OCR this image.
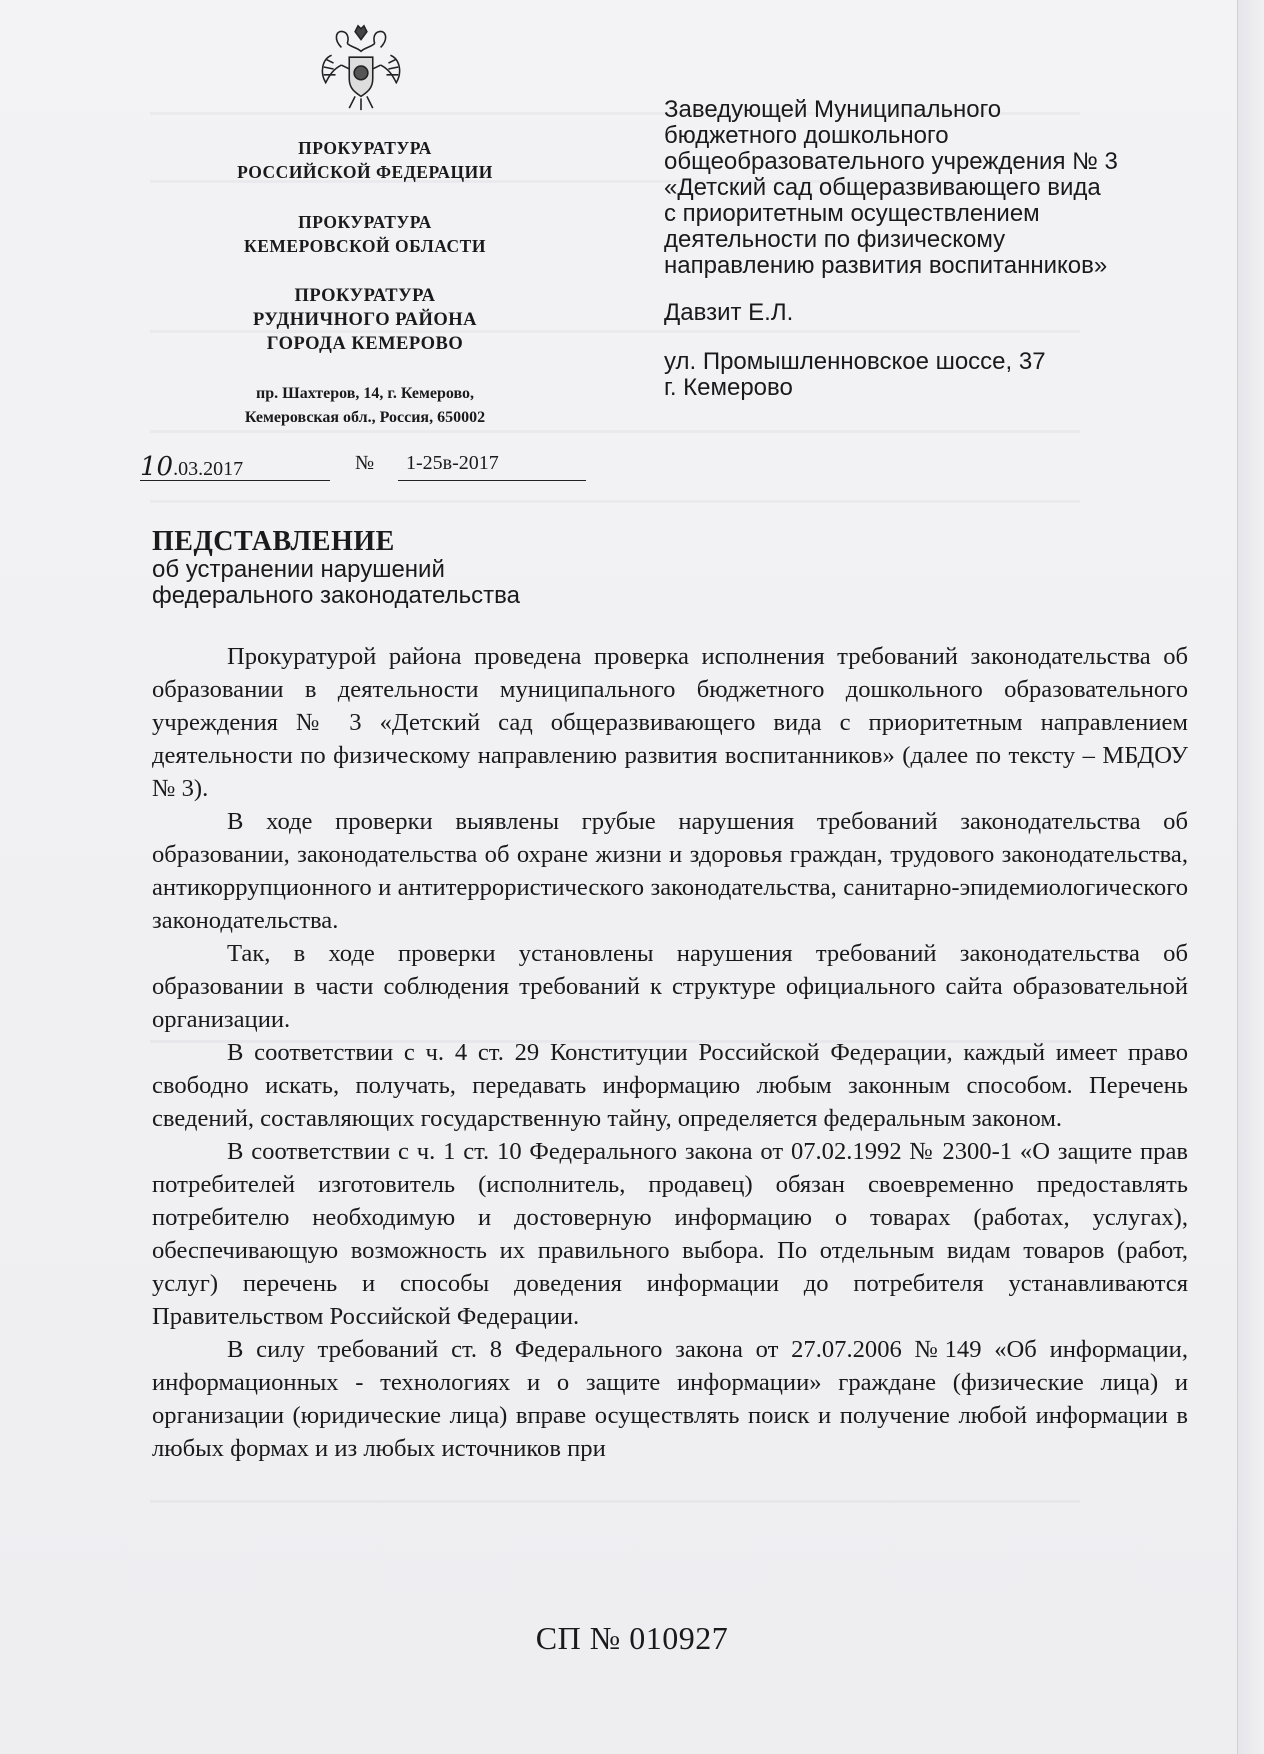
ПРОКУРАТУРА
РОССИЙСКОЙ ФЕДЕРАЦИИ
ПРОКУРАТУРА
КЕМЕРОВСКОЙ ОБЛАСТИ
ПРОКУРАТУРА
РУДНИЧНОГО РАЙОНА
ГОРОДА КЕМЕРОВО
пр. Шахтеров, 14, г. Кемерово,
Кемеровская обл., Россия, 650002
10.03.2017	№	1-25в-2017
Заведующей Муниципального
бюджетного дошкольного
общеобразовательного учреждения № 3
«Детский сад общеразвивающего вида
с приоритетным осуществлением
деятельности по физическому
направлению развития воспитанников»
Давзит Е.Л.
ул. Промышленновское шоссе, 37
г. Кемерово
ПЕДСТАВЛЕНИЕ
об устранении нарушений
федерального законодательства

Прокуратурой района проведена проверка исполнения требований законодательства об образовании в деятельности муниципального бюджетного дошкольного образовательного учреждения № 3 «Детский сад общеразвивающего вида с приоритетным направлением деятельности по физическому направлению развития воспитанников» (далее по тексту – МБДОУ № 3).

В ходе проверки выявлены грубые нарушения требований законодательства об образовании, законодательства об охране жизни и здоровья граждан, трудового законодательства, антикоррупционного и антитеррористического законодательства, санитарно-эпидемиологического законодательства.

Так, в ходе проверки установлены нарушения требований законодательства об образовании в части соблюдения требований к структуре официального сайта образовательной организации.

В соответствии с ч. 4 ст. 29 Конституции Российской Федерации, каждый имеет право свободно искать, получать, передавать информацию любым законным способом. Перечень сведений, составляющих государственную тайну, определяется федеральным законом.

В соответствии с ч. 1 ст. 10 Федерального закона от 07.02.1992 № 2300-1 «О защите прав потребителей изготовитель (исполнитель, продавец) обязан своевременно предоставлять потребителю необходимую и достоверную информацию о товарах (работах, услугах), обеспечивающую возможность их правильного выбора. По отдельным видам товаров (работ, услуг) перечень и способы доведения информации до потребителя устанавливаются Правительством Российской Федерации.

В силу требований ст. 8 Федерального закона от 27.07.2006 №149 «Об информации, информационных - технологиях и о защите информации» граждане (физические лица) и организации (юридические лица) вправе осуществлять поиск и получение любой информации в любых формах и из любых источников при

СП № 010927
